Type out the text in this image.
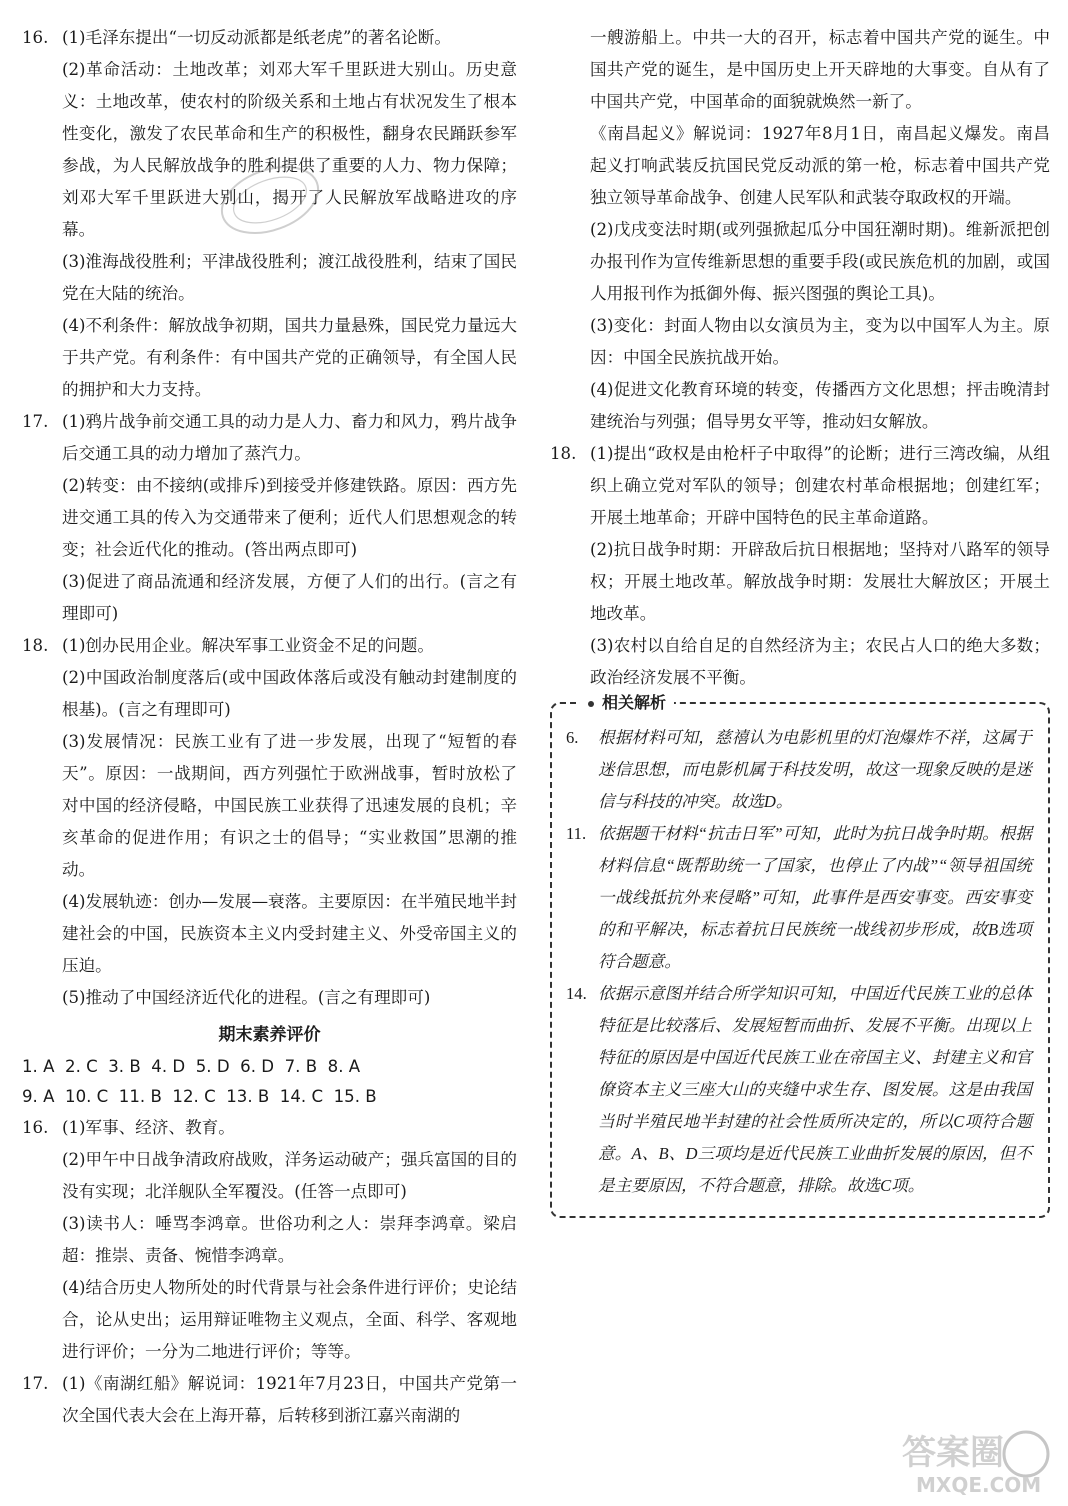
16. (1)毛泽东提出“一切反动派都是纸老虎”的著名论断。

(2)革命活动：土地改革；刘邓大军千里跃进大别山。历史意义：土地改革，使农村的阶级关系和土地占有状况发生了根本性变化，激发了农民革命和生产的积极性，翻身农民踊跃参军参战，为人民解放战争的胜利提供了重要的人力、物力保障；刘邓大军千里跃进大别山，揭开了人民解放军战略进攻的序幕。

(3)淮海战役胜利；平津战役胜利；渡江战役胜利，结束了国民党在大陆的统治。

(4)不利条件：解放战争初期，国共力量悬殊，国民党力量远大于共产党。有利条件：有中国共产党的正确领导，有全国人民的拥护和大力支持。

17. (1)鸦片战争前交通工具的动力是人力、畜力和风力，鸦片战争后交通工具的动力增加了蒸汽力。

(2)转变：由不接纳(或排斥)到接受并修建铁路。原因：西方先进交通工具的传入为交通带来了便利；近代人们思想观念的转变；社会近代化的推动。(答出两点即可)

(3)促进了商品流通和经济发展，方便了人们的出行。(言之有理即可)

18. (1)创办民用企业。解决军事工业资金不足的问题。

(2)中国政治制度落后(或中国政体落后或没有触动封建制度的根基)。(言之有理即可)

(3)发展情况：民族工业有了进一步发展，出现了“短暂的春天”。原因：一战期间，西方列强忙于欧洲战事，暂时放松了对中国的经济侵略，中国民族工业获得了迅速发展的良机；辛亥革命的促进作用；有识之士的倡导；“实业救国”思潮的推动。

(4)发展轨迹：创办—发展—衰落。主要原因：在半殖民地半封建社会的中国，民族资本主义内受封建主义、外受帝国主义的压迫。

(5)推动了中国经济近代化的进程。(言之有理即可)

期末素养评价
1. A  2. C  3. B  4. D  5. D  6. D  7. B  8. A
9. A  10. C  11. B  12. C  13. B  14. C  15. B
16. (1)军事、经济、教育。

(2)甲午中日战争清政府战败，洋务运动破产；强兵富国的目的没有实现；北洋舰队全军覆没。(任答一点即可)

(3)读书人：唾骂李鸿章。世俗功利之人：崇拜李鸿章。梁启超：推崇、责备、惋惜李鸿章。

(4)结合历史人物所处的时代背景与社会条件进行评价；史论结合，论从史出；运用辩证唯物主义观点，全面、科学、客观地进行评价；一分为二地进行评价；等等。

17. (1)《南湖红船》解说词：1921年7月23日，中国共产党第一次全国代表大会在上海开幕，后转移到浙江嘉兴南湖的

一艘游船上。中共一大的召开，标志着中国共产党的诞生。中国共产党的诞生，是中国历史上开天辟地的大事变。自从有了中国共产党，中国革命的面貌就焕然一新了。

《南昌起义》解说词：1927年8月1日，南昌起义爆发。南昌起义打响武装反抗国民党反动派的第一枪，标志着中国共产党独立领导革命战争、创建人民军队和武装夺取政权的开端。

(2)戊戌变法时期(或列强掀起瓜分中国狂潮时期)。维新派把创办报刊作为宣传维新思想的重要手段(或民族危机的加剧，或国人用报刊作为抵御外侮、振兴图强的舆论工具)。

(3)变化：封面人物由以女演员为主，变为以中国军人为主。原因：中国全民族抗战开始。

(4)促进文化教育环境的转变，传播西方文化思想；抨击晚清封建统治与列强；倡导男女平等，推动妇女解放。

18. (1)提出“政权是由枪杆子中取得”的论断；进行三湾改编，从组织上确立党对军队的领导；创建农村革命根据地；创建红军；开展土地革命；开辟中国特色的民主革命道路。

(2)抗日战争时期：开辟敌后抗日根据地；坚持对八路军的领导权；开展土地改革。解放战争时期：发展壮大解放区；开展土地改革。

(3)农村以自给自足的自然经济为主；农民占人口的绝大多数；政治经济发展不平衡。

相关解析
6. 根据材料可知，慈禧认为电影机里的灯泡爆炸不祥，这属于迷信思想，而电影机属于科技发明，故这一现象反映的是迷信与科技的冲突。故选D。

11. 依据题干材料“抗击日军”可知，此时为抗日战争时期。根据材料信息“既帮助统一了国家，也停止了内战”“领导祖国统一战线抵抗外来侵略”可知，此事件是西安事变。西安事变的和平解决，标志着抗日民族统一战线初步形成，故B选项符合题意。

14. 依据示意图并结合所学知识可知，中国近代民族工业的总体特征是比较落后、发展短暂而曲折、发展不平衡。出现以上特征的原因是中国近代民族工业在帝国主义、封建主义和官僚资本主义三座大山的夹缝中求生存、图发展。这是由我国当时半殖民地半封建的社会性质所决定的，所以C项符合题意。A、B、D三项均是近代民族工业曲折发展的原因，但不是主要原因，不符合题意，排除。故选C项。

答案圈
MXQE.COM
